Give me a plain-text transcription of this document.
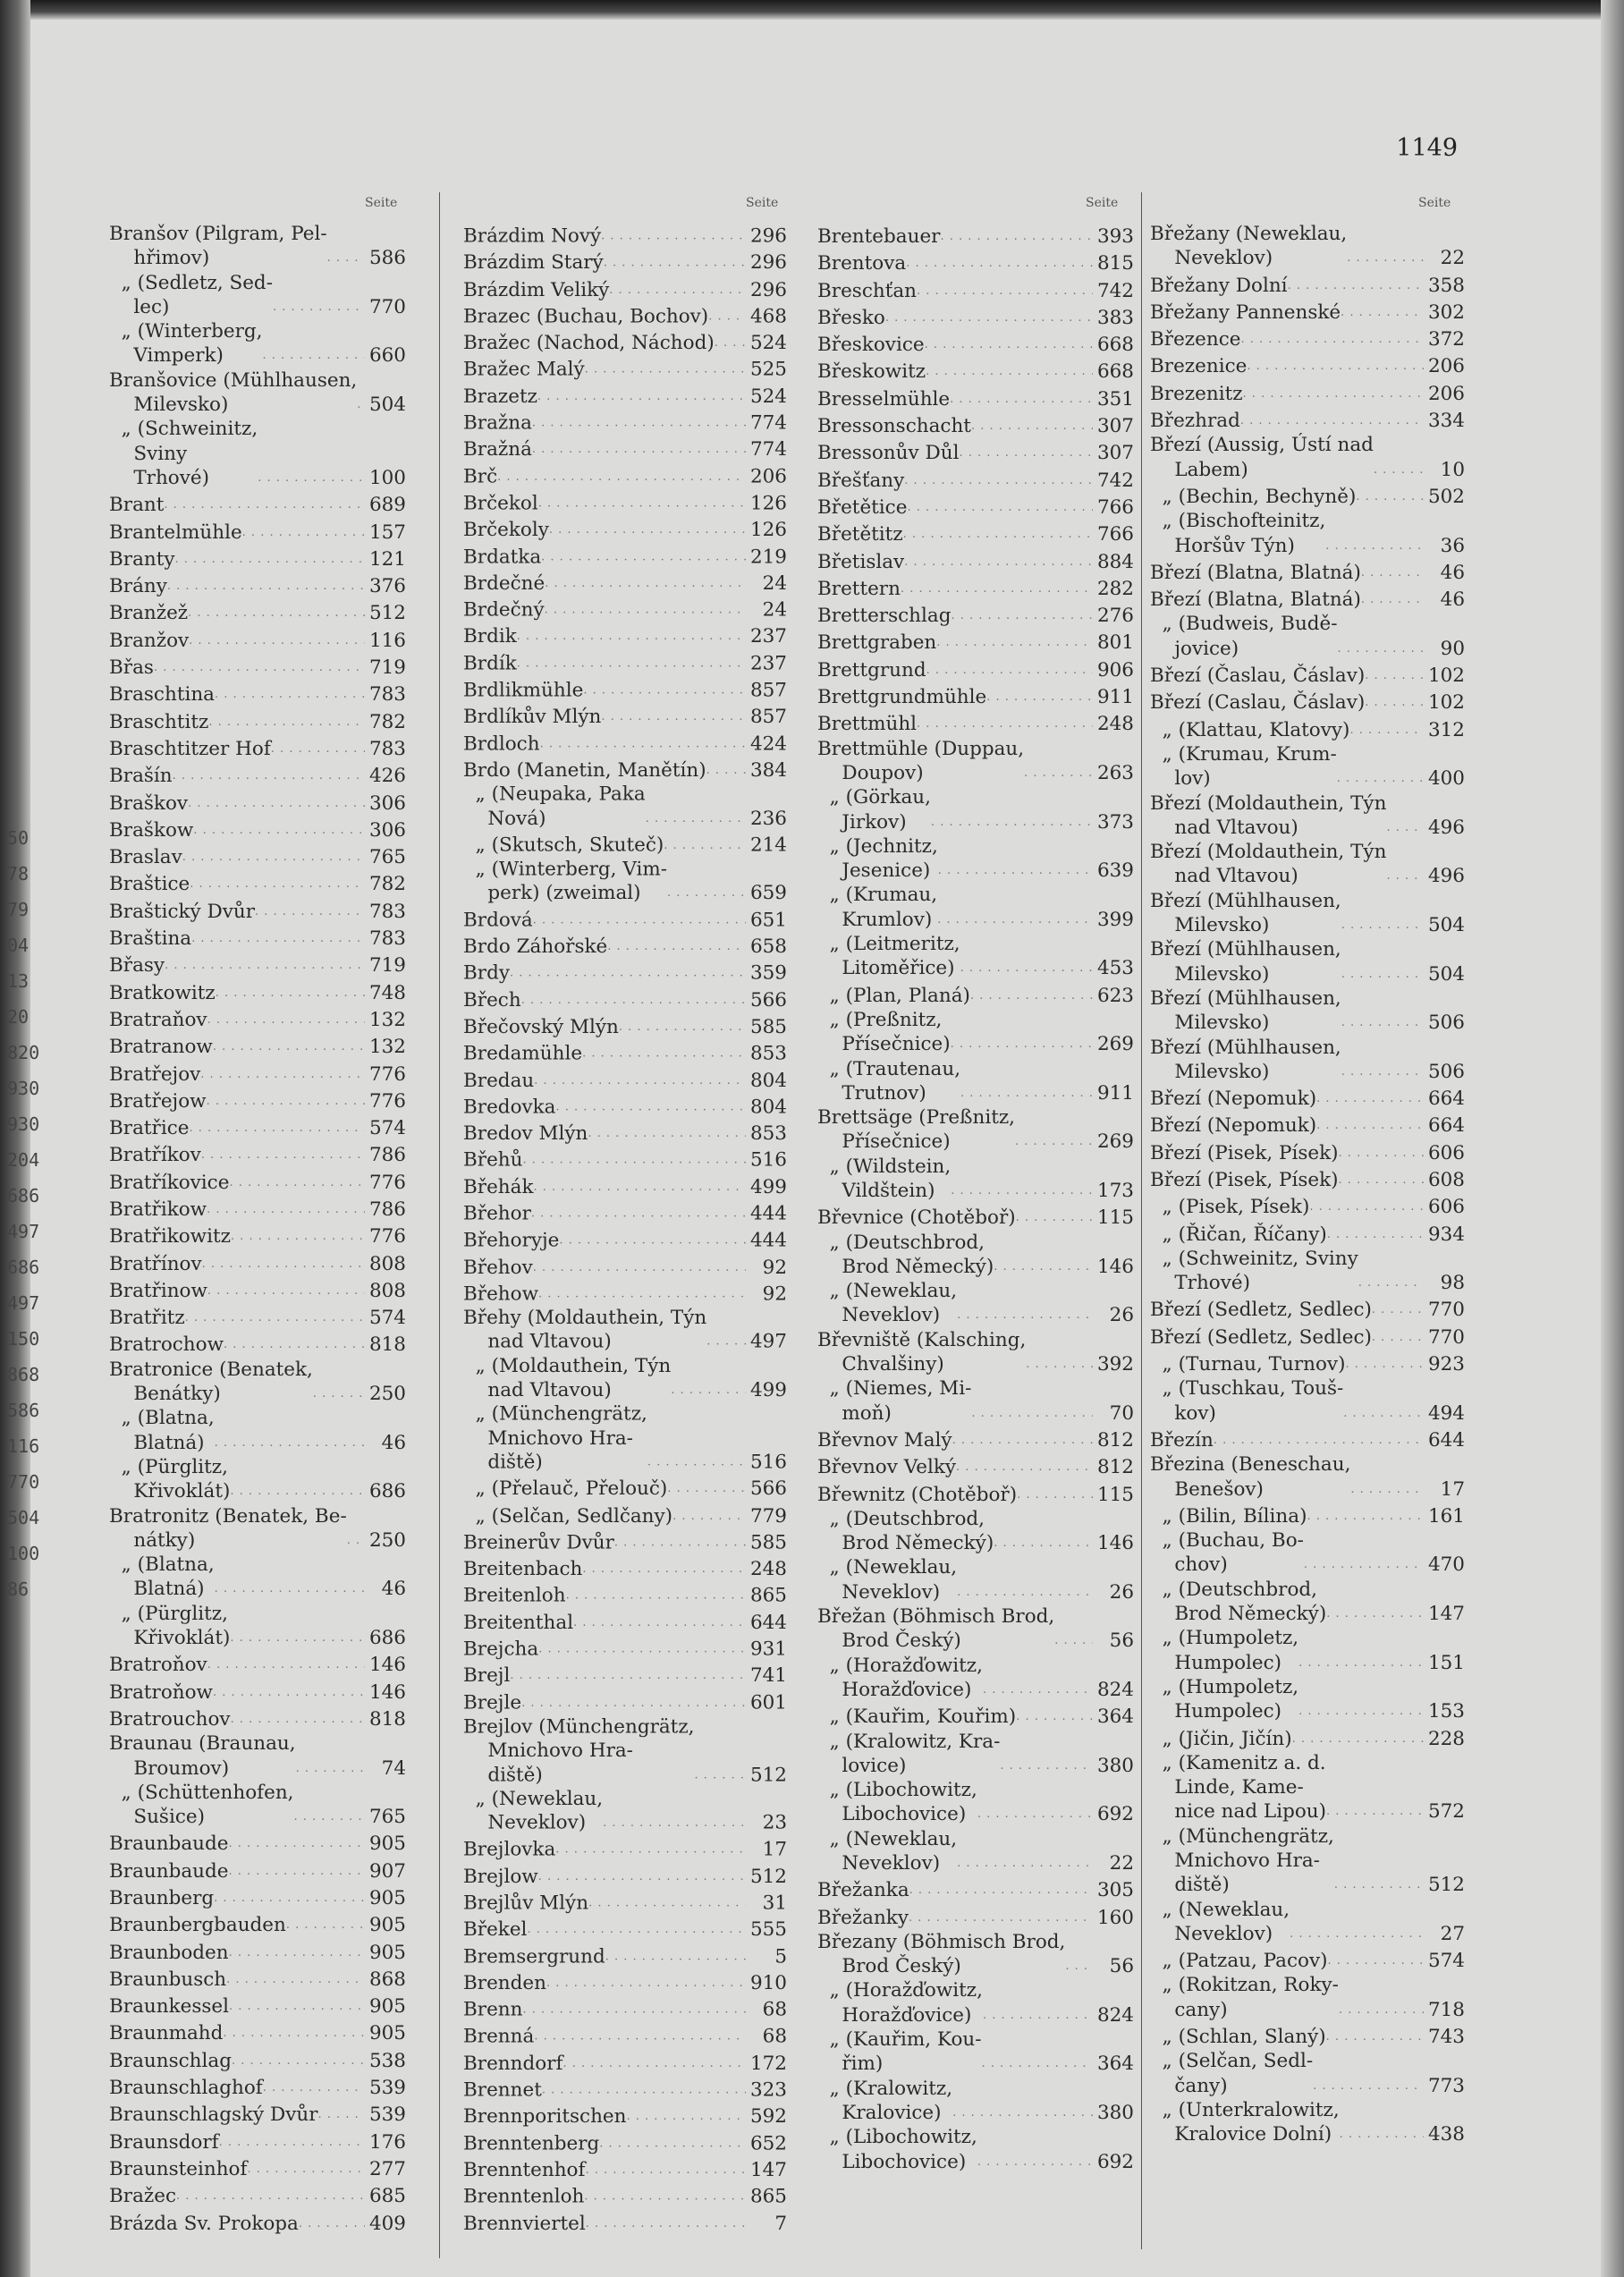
1149
50
78
79
04
13
20
820
930
930
204
686
497
686
497
150
868
586
116
770
504
100
86
Seite
Branšov (Pilgram, Pel-
hřimov) . . .	586
„ (Sedletz, Sed-
lec) . . .	770
„ (Winterberg,
Vimperk) . . .	660
Branšovice (Mühlhausen,
Milevsko) . . .	504
„ (Schweinitz,
Sviny
Trhové) . . .	100
Brant . . .	689
Brantelmühle . . .	157
Branty . . .	121
Brány . . .	376
Branžež . . .	512
Branžov . . .	116
Břas . . .	719
Braschtina . . .	783
Braschtitz . . .	782
Braschtitzer Hof . . .	783
Brašín . . .	426
Braškov . . .	306
Braškow . . .	306
Braslav . . .	765
Braštice . . .	782
Braštický Dvůr . . .	783
Braština . . .	783
Břasy . . .	719
Bratkowitz . . .	748
Bratraňov . . .	132
Bratranow . . .	132
Bratřejov . . .	776
Bratřejow . . .	776
Bratřice . . .	574
Bratříkov . . .	786
Bratříkovice . . .	776
Bratřikow . . .	786
Bratřikowitz . . .	776
Bratřínov . . .	808
Bratřinow . . .	808
Bratřitz . . .	574
Bratrochow . . .	818
Bratronice (Benatek,
Benátky) . . .	250
„ (Blatna,
Blatná) . . .	46
„ (Pürglitz,
Křivoklát) . . .	686
Bratronitz (Benatek, Be-
nátky) . . .	250
„ (Blatna,
Blatná) . . .	46
„ (Pürglitz,
Křivoklát) . . .	686
Bratroňov . . .	146
Bratroňow . . .	146
Bratrouchov . . .	818
Braunau (Braunau,
Broumov) . . .	74
„ (Schüttenhofen,
Sušice) . . .	765
Braunbaude . . .	905
Braunbaude . . .	907
Braunberg . . .	905
Braunbergbauden . . .	905
Braunboden . . .	905
Braunbusch . . .	868
Braunkessel . . .	905
Braunmahd . . .	905
Braunschlag . . .	538
Braunschlaghof . . .	539
Braunschlagský Dvůr . . .	539
Braunsdorf . . .	176
Braunsteinhof . . .	277
Bražec . . .	685
Brázda Sv. Prokopa . . .	409
Seite
Brázdim Nový . . .	296
Brázdim Starý . . .	296
Brázdim Veliký . . .	296
Brazec (Buchau, Bochov) . . . 468
Bražec (Nachod, Náchod) . . . 524
Bražec Malý . . .	525
Brazetz . . .	524
Bražna . . .	774
Bražná . . .	774
Brč . . .	206
Brčekol . . .	126
Brčekoly . . .	126
Brdatka . . .	219
Brdečné . . .	24
Brdečný . . .	24
Brdik . . .	237
Brdík . . .	237
Brdlikmühle . . .	857
Brdlíkův Mlýn . . .	857
Brdloch . . .	424
Brdo (Manetin, Manětín) . . . 384
„ (Neupaka, Paka
Nová) . . .	236
„ (Skutsch, Skuteč) . . .	214
„ (Winterberg, Vim-
perk) (zweimal) . . .	659
Brdová . . .	651
Brdo Záhořské . . .	658
Brdy . . .	359
Břech . . .	566
Břečovský Mlýn . . .	585
Bredamühle . . .	853
Bredau . . .	804
Bredovka . . .	804
Bredov Mlýn . . .	853
Břehů . . .	516
Břehák . . .	499
Břehor . . .	444
Břehoryje . . .	444
Břehov . . .	92
Břehow . . .	92
Břehy (Moldauthein, Týn
nad Vltavou) . . .	497
„ (Moldauthein, Týn
nad Vltavou) . . .	499
„ (Münchengrätz,
Mnichovo Hra-
diště) . . .	516
„ (Přelauč, Přelouč) . . .	566
„ (Selčan, Sedlčany) . . .	779
Breinerův Dvůr . . .	585
Breitenbach . . .	248
Breitenloh . . .	865
Breitenthal . . .	644
Brejcha . . .	931
Brejl . . .	741
Brejle . . .	601
Brejlov (Münchengrätz,
Mnichovo Hra-
diště) . . .	512
„ (Neweklau,
Neveklov) . . .	23
Brejlovka . . .	17
Brejlow . . .	512
Brejlův Mlýn . . .	31
Břekel . . .	555
Bremsergrund . . .	5
Brenden . . .	910
Brenn . . .	68
Brenná . . .	68
Brenndorf . . .	172
Brennet . . .	323
Brennporitschen . . .	592
Brenntenberg . . .	652
Brenntenhof . . .	147
Brenntenloh . . .	865
Brennviertel . . .	7
Seite
Brentebauer . . .	393
Brentova . . .	815
Breschťan . . .	742
Břesko . . .	383
Břeskovice . . .	668
Břeskowitz . . .	668
Bresselmühle . . .	351
Bressonschacht . . .	307
Bressonův Důl . . .	307
Břešťany . . .	742
Břetětice . . .	766
Břetětitz . . .	766
Břetislav . . .	884
Brettern . . .	282
Bretterschlag . . .	276
Brettgraben . . .	801
Brettgrund . . .	906
Brettgrundmühle . . .	911
Brettmühl . . .	248
Brettmühle (Duppau,
Doupov) . . .	263
„ (Görkau,
Jirkov) . . .	373
„ (Jechnitz,
Jesenice) . . .	639
„ (Krumau,
Krumlov) . . .	399
„ (Leitmeritz,
Litoměřice) . . .	453
„ (Plan, Planá) . . .	623
„ (Preßnitz,
Přísečnice) . . .	269
„ (Trautenau,
Trutnov) . . .	911
Brettsäge (Preßnitz,
Přísečnice) . . .	269
„ (Wildstein,
Vildštein) . . .	173
Břevnice (Chotěboř) . . .	115
„ (Deutschbrod,
Brod Německý) . . .	146
„ (Neweklau,
Neveklov) . . .	26
Břevniště (Kalsching,
Chvalšiny) . . .	392
„ (Niemes, Mi-
moň) . . .	70
Břevnov Malý . . .	812
Břevnov Velký . . .	812
Břewnitz (Chotěboř) . . .	115
„ (Deutschbrod,
Brod Německý) . . .	146
„ (Neweklau,
Neveklov) . . .	26
Břežan (Böhmisch Brod,
Brod Český) . . .	56
„ (Horažďowitz,
Horažďovice) . . .	824
„ (Kauřim, Kouřim) . . .	364
„ (Kralowitz, Kra-
lovice) . . .	380
„ (Libochowitz,
Libochovice) . . .	692
„ (Neweklau,
Neveklov) . . .	22
Břežanka . . .	305
Břežanky . . .	160
Březany (Böhmisch Brod,
Brod Český) . . .	56
„ (Horažďowitz,
Horažďovice) . . .	824
„ (Kauřim, Kou-
řim) . . .	364
„ (Kralowitz,
Kralovice) . . .	380
„ (Libochowitz,
Libochovice) . . .	692
Seite
Břežany (Neweklau,
Neveklov) . . .	22
Břežany Dolní . . .	358
Břežany Pannenské . . .	302
Březence . . .	372
Brezenice . . .	206
Brezenitz . . .	206
Březhrad . . .	334
Březí (Aussig, Ústí nad
Labem) . . .	10
„ (Bechin, Bechyně) . . .	502
„ (Bischofteinitz,
Horšův Týn) . . .	36
Březí (Blatna, Blatná) . . .	46
Březí (Blatna, Blatná) . . .	46
„ (Budweis, Budě-
jovice) . . .	90
Březí (Časlau, Čáslav) . . .	102
Březí (Caslau, Čáslav) . . .	102
„ (Klattau, Klatovy) . . .	312
„ (Krumau, Krum-
lov) . . .	400
Březí (Moldauthein, Týn
nad Vltavou) . . .	496
Březí (Moldauthein, Týn
nad Vltavou) . . .	496
Březí (Mühlhausen,
Milevsko) . . .	504
Březí (Mühlhausen,
Milevsko) . . .	504
Březí (Mühlhausen,
Milevsko) . . .	506
Březí (Mühlhausen,
Milevsko) . . .	506
Březí (Nepomuk) . . .	664
Březí (Nepomuk) . . .	664
Březí (Pisek, Písek) . . .	606
Březí (Pisek, Písek) . . .	608
„ (Pisek, Písek) . . .	606
„ (Řičan, Říčany) . . .	934
„ (Schweinitz, Sviny
Trhové) . . .	98
Březí (Sedletz, Sedlec) . . .	770
Březí (Sedletz, Sedlec) . . .	770
„ (Turnau, Turnov) . . .	923
„ (Tuschkau, Touš-
kov) . . .	494
Březín . . .	644
Březina (Beneschau,
Benešov) . . .	17
„ (Bilin, Bílina) . . .	161
„ (Buchau, Bo-
chov) . . .	470
„ (Deutschbrod,
Brod Německý) . . .	147
„ (Humpoletz,
Humpolec) . . .	151
„ (Humpoletz,
Humpolec) . . .	153
„ (Jičin, Jičín) . . .	228
„ (Kamenitz a. d.
Linde, Kame-
nice nad Lipou) . . .	572
„ (Münchengrätz,
Mnichovo Hra-
diště) . . .	512
„ (Neweklau,
Neveklov) . . .	27
„ (Patzau, Pacov) . . .	574
„ (Rokitzan, Roky-
cany) . . .	718
„ (Schlan, Slaný) . . .	743
„ (Selčan, Sedl-
čany) . . .	773
„ (Unterkralowitz,
Kralovice Dolní) . . .	438
